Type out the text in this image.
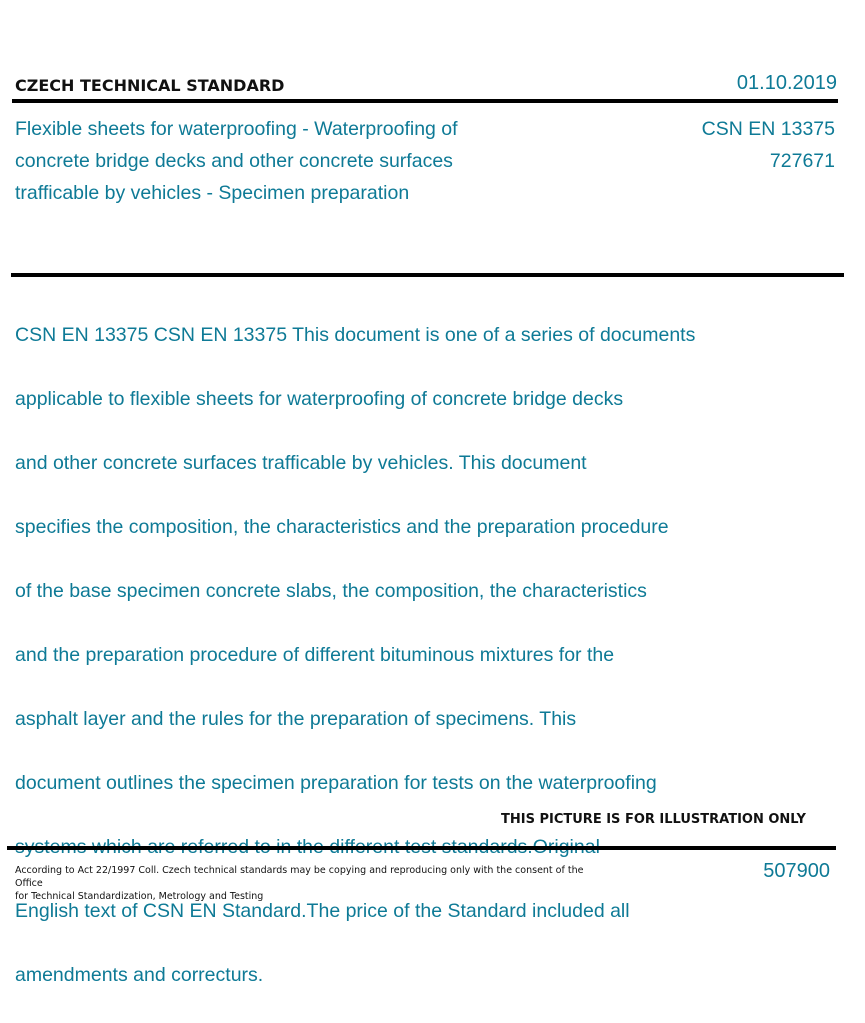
CZECH TECHNICAL STANDARD	01.10.2019
Flexible sheets for waterproofing - Waterproofing of
concrete bridge decks and other concrete surfaces
trafficable by vehicles - Specimen preparation
CSN EN 13375
727671

CSN EN 13375 CSN EN 13375 This document is one of a series of documents

applicable to flexible sheets for waterproofing of concrete bridge decks

and other concrete surfaces trafficable by vehicles. This document

specifies the composition, the characteristics and the preparation procedure

of the base specimen concrete slabs, the composition, the characteristics

and the preparation procedure of different bituminous mixtures for the

asphalt layer and the rules for the preparation of specimens. This

document outlines the specimen preparation for tests on the waterproofing

English text of CSN EN Standard.The price of the Standard included all

amendments and correcturs.

THIS PICTURE IS FOR ILLUSTRATION ONLY
According to Act 22/1997 Coll. Czech technical standards may be copying and reproducing only with the consent of the Office
for Technical Standardization, Metrology and Testing
507900
